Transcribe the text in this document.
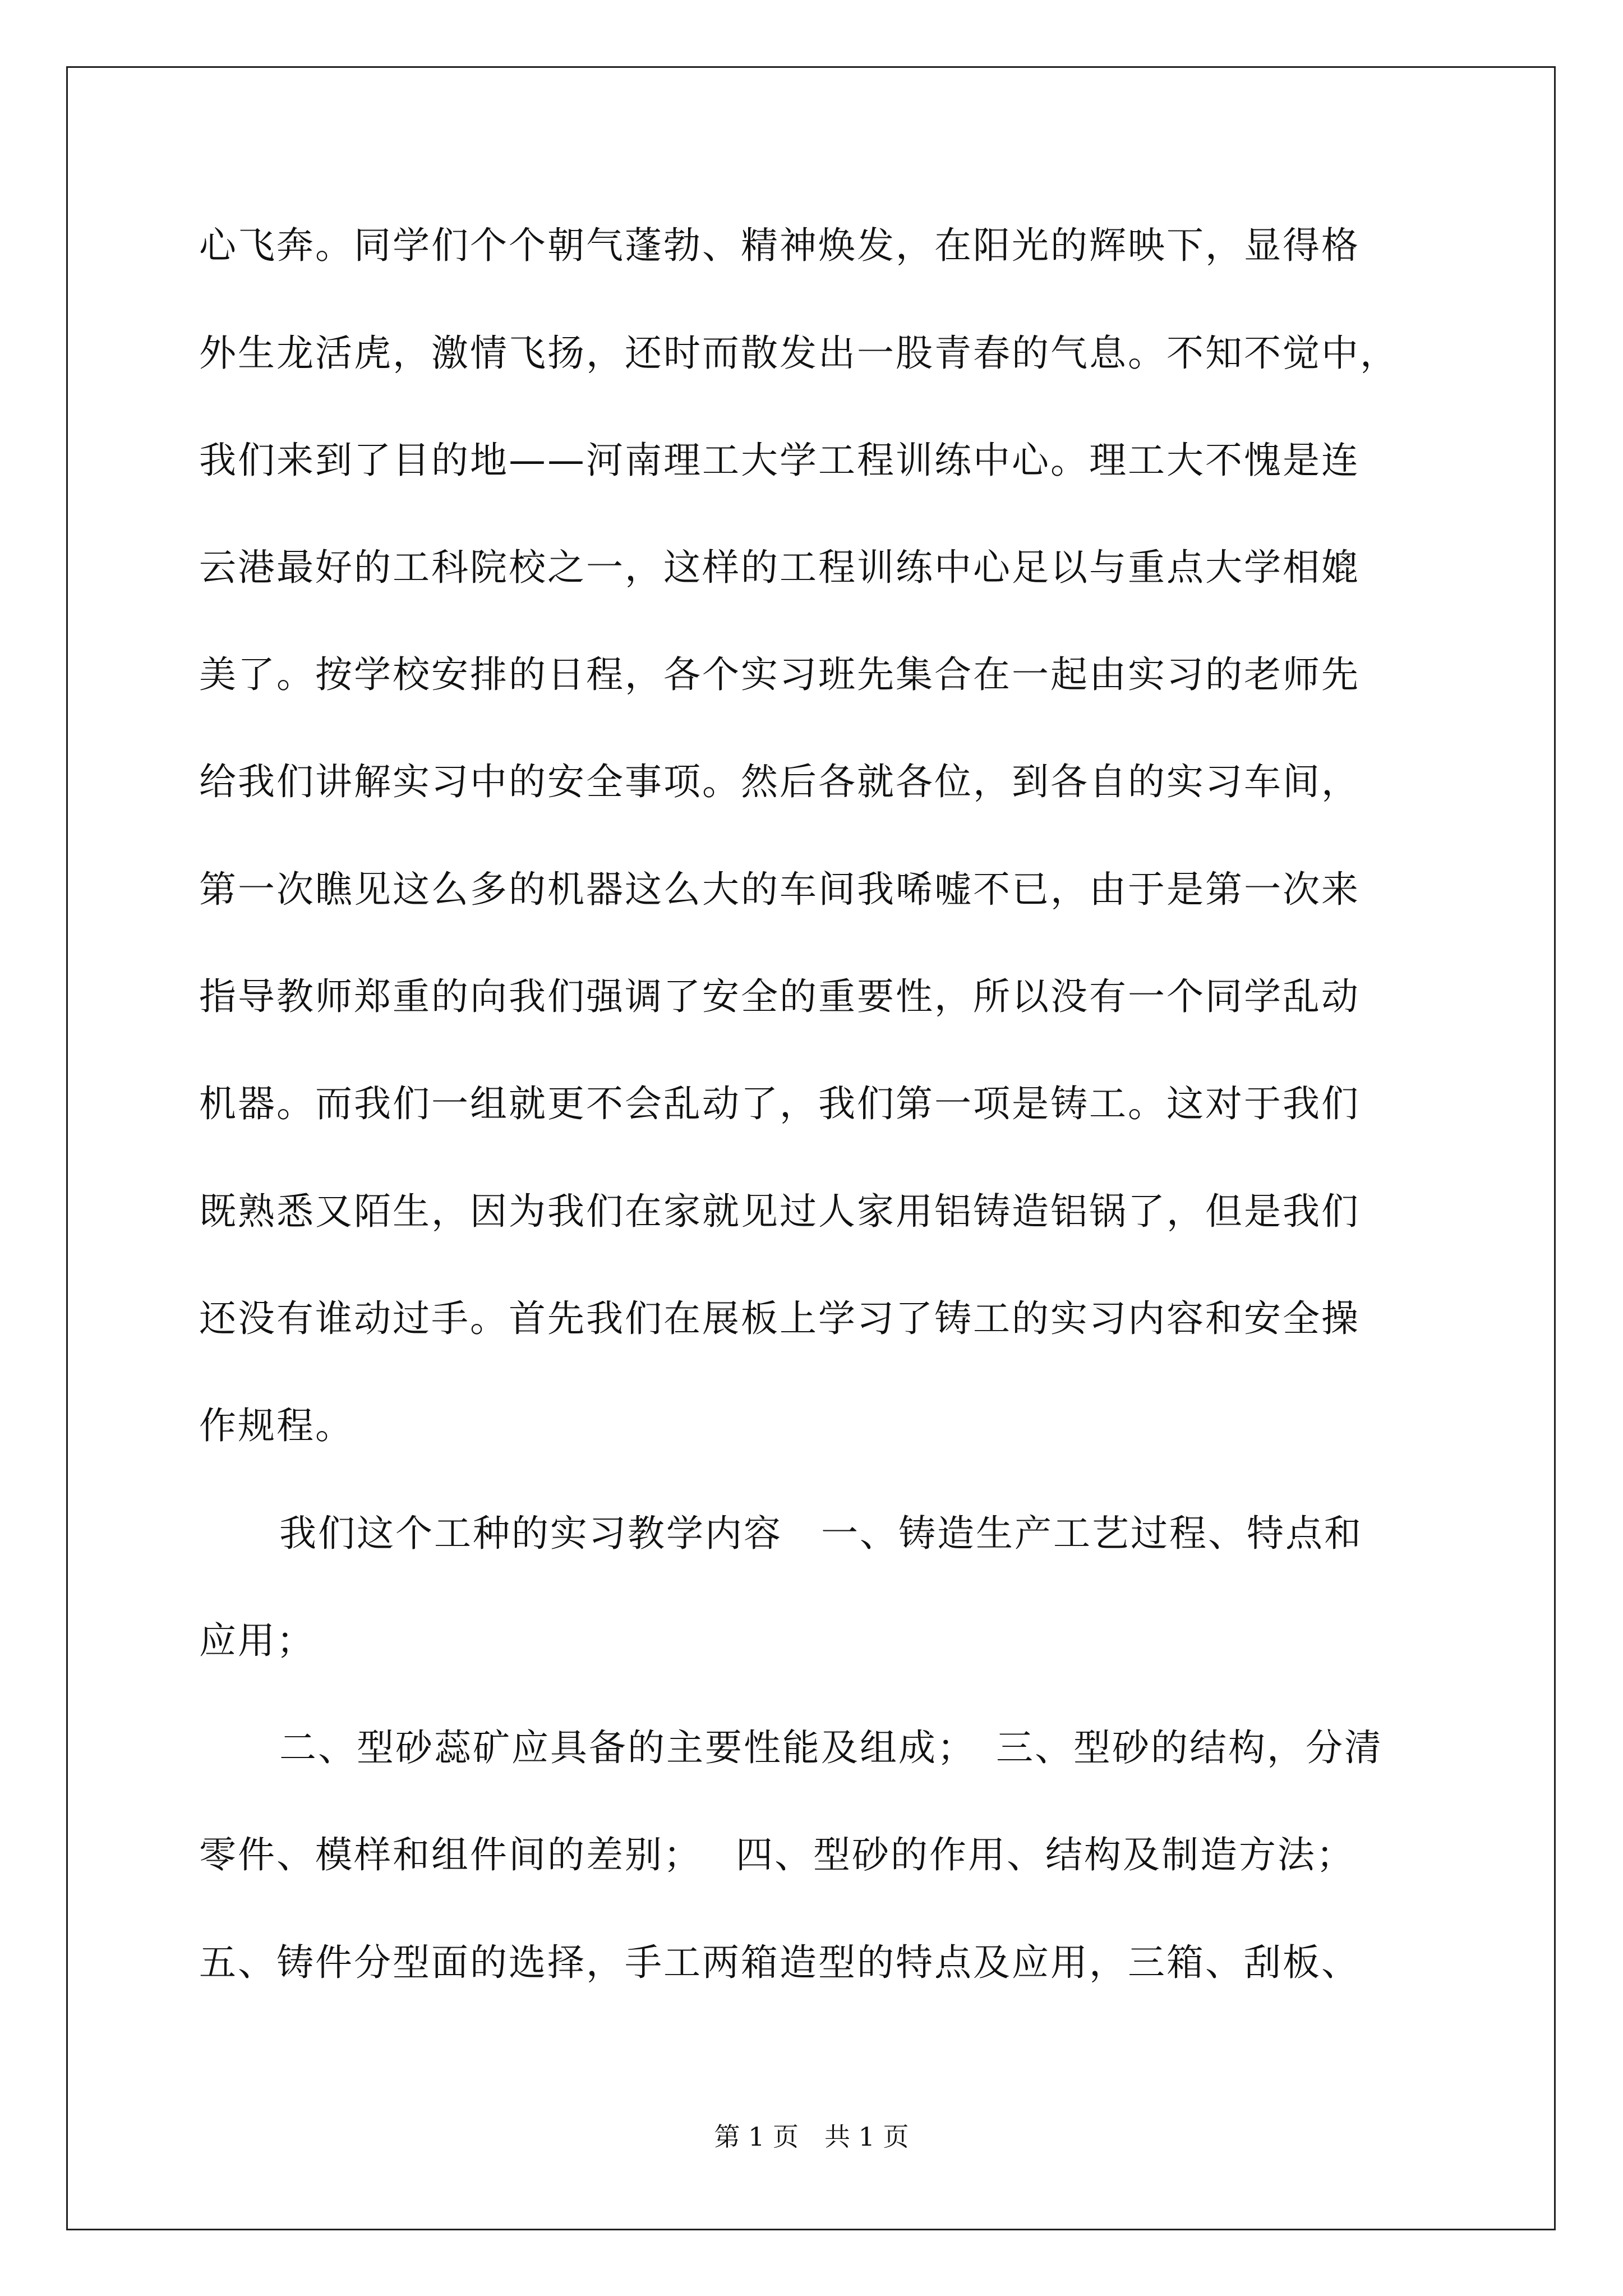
心飞奔。同学们个个朝气蓬勃、精神焕发，在阳光的辉映下，显得格
外生龙活虎，激情飞扬，还时而散发出一股青春的气息。不知不觉中，
我们来到了目的地——河南理工大学工程训练中心。理工大不愧是连
云港最好的工科院校之一，这样的工程训练中心足以与重点大学相媲
美了。按学校安排的日程，各个实习班先集合在一起由实习的老师先
给我们讲解实习中的安全事项。然后各就各位，到各自的实习车间，
第一次瞧见这么多的机器这么大的车间我唏嘘不已，由于是第一次来
指导教师郑重的向我们强调了安全的重要性，所以没有一个同学乱动
机器。而我们一组就更不会乱动了，我们第一项是铸工。这对于我们
既熟悉又陌生，因为我们在家就见过人家用铝铸造铝锅了，但是我们
还没有谁动过手。首先我们在展板上学习了铸工的实习内容和安全操
作规程。
我们这个工种的实习教学内容　一、铸造生产工艺过程、特点和
应用；
二、型砂蕊矿应具备的主要性能及组成；　三、型砂的结构，分清
零件、模样和组件间的差别；　 四、型砂的作用、结构及制造方法；
五、铸件分型面的选择，手工两箱造型的特点及应用，三箱、刮板、
第 1 页　共 1 页
